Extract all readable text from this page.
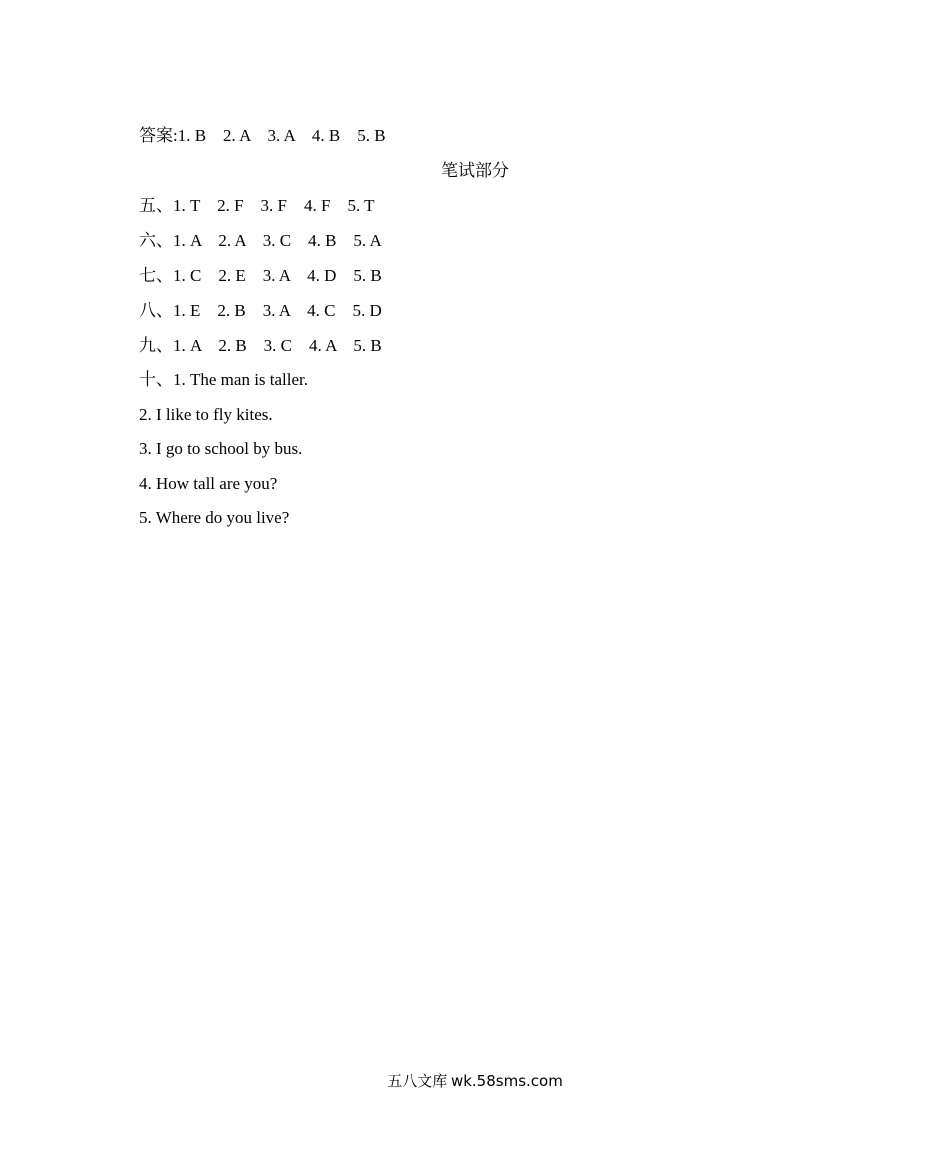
答案:1. B    2. A    3. A    4. B    5. B
笔试部分
五、1. T    2. F    3. F    4. F    5. T
六、1. A    2. A    3. C    4. B    5. A
七、1. C    2. E    3. A    4. D    5. B
八、1. E    2. B    3. A    4. C    5. D
九、1. A    2. B    3. C    4. A    5. B
十、1. The man is taller.
2. I like to fly kites.
3. I go to school by bus.
4. How tall are you?
5. Where do you live?
五八文库 wk.58sms.com
